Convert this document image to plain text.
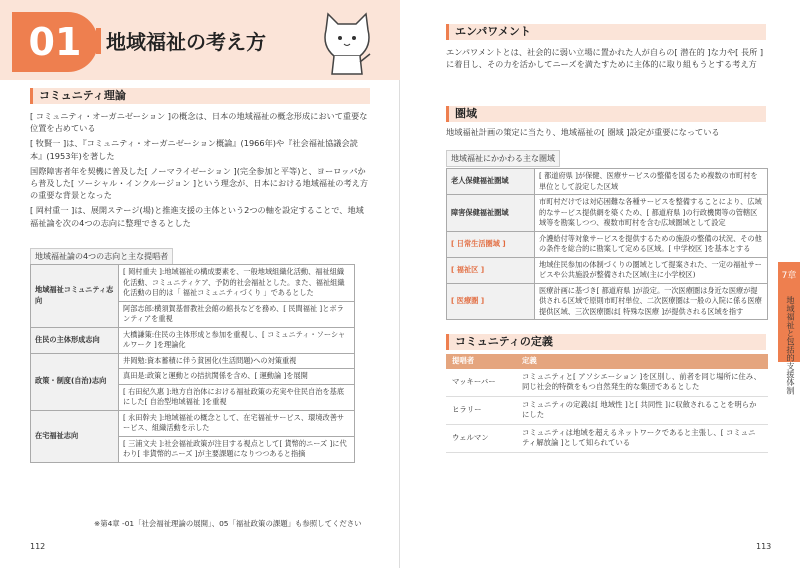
01	地域福祉の考え方
コミュニティ理論
[ コミュニティ・オーガニゼーション ]の概念は、日本の地域福祉の概念形成において重要な位置を占めている
[ 牧賢一 ]は、『コミュニティ・オーガニゼーション概論』(1966年)や『社会福祉協議会読本』(1953年)を著した
国際障害者年を契機に普及した[ ノーマライゼーション ](完全参加と平等)と、ヨーロッパから普及した[ ソーシャル・インクルージョン ]という理念が、日本における地域福祉の考え方の重要な背景となった
[ 岡村重一 ]は、展開ステージ(場)と推進支援の主体という2つの軸を設定することで、地域福祉論を次の4つの志向に整理できるとした
地域福祉論の4つの志向と主な提唱者
地域福祉コミュニティ志向	[ 岡村重夫 ]:地域福祉の構成要素を、一般地域組織化活動、福祉組織化活動、コミュニティケア、予防的社会福祉とした。また、福祉組織化活動の目的は「 福祉コミュニティづくり 」であるとした
	阿部志郎:横須賀基督教社会館の館長などを務め、[ 民間福祉 ]とボランティアを重視
住民の主体形成志向	大橋謙策:住民の主体形成と参加を重視し、[ コミュニティ・ソーシャルワーク ]を理論化
政策・制度(自治)志向	井岡勉:資本蓄積に伴う貧困化(生活問題)への対策重視
	真田是:政策と運動との拮抗関係を含め、[ 運動論 ]を展開
	[ 右田紀久惠 ]:地方自治体における福祉政策の充実や住民自治を基底にした[ 自治型地域福祉 ]を重視
在宅福祉志向	[ 永田幹夫 ]:地域福祉の概念として、在宅福祉サービス、環境改善サービス、組織活動を示した
	[ 三浦文夫 ]:社会福祉政策が注目する視点として[ 貨幣的ニーズ ]に代わり[ 非貨幣的ニーズ ]が主要課題になりつつあると指摘
※第4章 -01「社会福祉理論の展開」、05「福祉政策の課題」も参照してください
112
エンパワメント
エンパワメントとは、社会的に弱い立場に置かれた人が自らの[ 潜在的 ]な力や[ 長所 ]に着目し、その力を活かしてニーズを満たすために主体的に取り組もうとする考え方
圏域
地域福祉計画の策定に当たり、地域福祉の[ 圏域 ]設定が重要になっている
地域福祉にかかわる主な圏域
老人保健福祉圏域	[ 都道府県 ]が保健、医療サービスの整備を図るため複数の市町村を単位として設定した区域
障害保健福祉圏域	市町村だけでは対応困難な各種サービスを整備することにより、広域的なサービス提供網を築くため、[ 都道府県 ]の行政機関等の管轄区域等を勘案しつつ、複数市町村を含む広域圏域として設定
[ 日常生活圏域 ]	介護給付等対象サービスを提供するための施設の整備の状況、その他の条件を総合的に勘案して定める区域。[ 中学校区 ]を基本とする
[ 福祉区 ]	地域住民参加の体制づくりの圏域として提案された、一定の福祉サービスや公共施設が整備された区域(主に小学校区)
[ 医療圏 ]	医療計画に基づき[ 都道府県 ]が設定。一次医療圏は身近な医療が提供される区域で原則市町村単位、二次医療圏は一般の入院に係る医療提供区域、三次医療圏は[ 特殊な医療 ]が提供される区域を指す
コミュニティの定義
提唱者	定義
マッキーバー	コミュニティと[ アソシエーション ]を区別し、前者を同じ場所に住み、同じ社会的特徴をもつ自然発生的な集団であるとした
ヒラリー	コミュニティの定義は[ 地域性 ]と[ 共同性 ]に収斂されることを明らかにした
ウェルマン	コミュニティは地域を超えるネットワークであると主張し、[ コミュニティ解放論 ]として知られている
113
7章
地域福祉と包括的支援体制
